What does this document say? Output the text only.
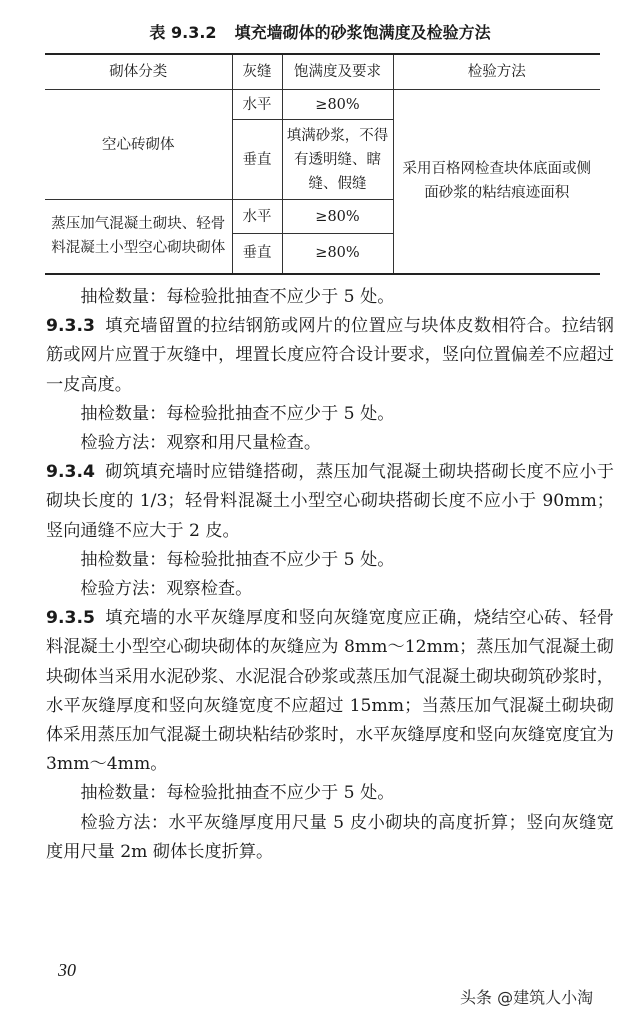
表 9.3.2 填充墙砌体的砂浆饱满度及检验方法
砌体分类	灰缝	饱满度及要求	检验方法
空心砖砌体	水平	≥80%	采用百格网检查块体底面或侧面砂浆的粘结痕迹面积
	垂直	填满砂浆，不得有透明缝、瞎缝、假缝	
蒸压加气混凝土砌块、轻骨料混凝土小型空心砌块砌体	水平	≥80%	
	垂直	≥80%	

抽检数量：每检验批抽查不应少于 5 处。

9.3.3 填充墙留置的拉结钢筋或网片的位置应与块体皮数相符合。拉结钢筋或网片应置于灰缝中，埋置长度应符合设计要求，竖向位置偏差不应超过一皮高度。

抽检数量：每检验批抽查不应少于 5 处。

检验方法：观察和用尺量检查。

9.3.4 砌筑填充墙时应错缝搭砌，蒸压加气混凝土砌块搭砌长度不应小于砌块长度的 1/3；轻骨料混凝土小型空心砌块搭砌长度不应小于 90mm；竖向通缝不应大于 2 皮。

抽检数量：每检验批抽查不应少于 5 处。

检验方法：观察检查。

9.3.5 填充墙的水平灰缝厚度和竖向灰缝宽度应正确，烧结空心砖、轻骨料混凝土小型空心砌块砌体的灰缝应为 8mm～12mm；蒸压加气混凝土砌块砌体当采用水泥砂浆、水泥混合砂浆或蒸压加气混凝土砌块砌筑砂浆时，水平灰缝厚度和竖向灰缝宽度不应超过 15mm；当蒸压加气混凝土砌块砌体采用蒸压加气混凝土砌块粘结砂浆时，水平灰缝厚度和竖向灰缝宽度宜为 3mm～4mm。

抽检数量：每检验批抽查不应少于 5 处。

检验方法：水平灰缝厚度用尺量 5 皮小砌块的高度折算；竖向灰缝宽度用尺量 2m 砌体长度折算。

30
头条 @建筑人小淘
